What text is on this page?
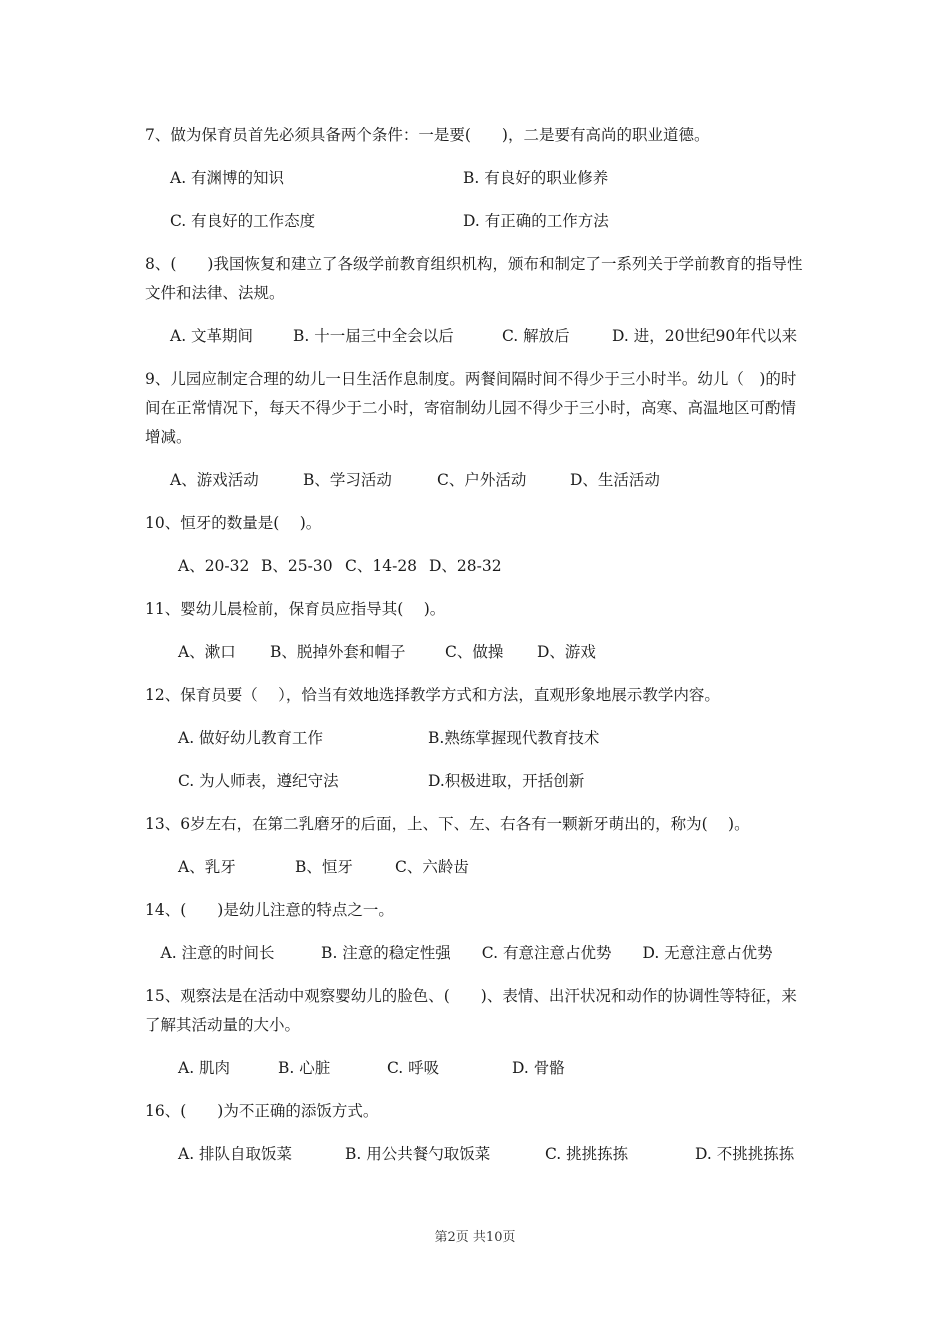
7、做为保育员首先必须具备两个条件：一是要(　　)，二是要有高尚的职业道德。

A. 有渊博的知识	B. 有良好的职业修养
C. 有良好的工作态度	D. 有正确的工作方法

8、(　　)我国恢复和建立了各级学前教育组织机构，颁布和制定了一系列关于学前教育的指导性文件和法律、法规。

A. 文革期间	B. 十一届三中全会以后	C. 解放后	D. 进，20世纪90年代以来

9、儿园应制定合理的幼儿一日生活作息制度。两餐间隔时间不得少于三小时半。幼儿（　)的时间在正常情况下，每天不得少于二小时，寄宿制幼儿园不得少于三小时，高寒、高温地区可酌情增减。

A、游戏活动	B、学习活动	C、户外活动	D、生活活动

10、恒牙的数量是(　 )。

A、20-32 B、25-30 C、14-28 D、28-32

11、婴幼儿晨检前，保育员应指导其(　 )。

A、漱口 B、脱掉外套和帽子	C、做操 D、游戏

12、保育员要（　 ），恰当有效地选择教学方式和方法，直观形象地展示教学内容。

A. 做好幼儿教育工作	B.熟练掌握现代教育技术
C. 为人师表，遵纪守法	D.积极进取，开括创新

13、6岁左右，在第二乳磨牙的后面，上、下、左、右各有一颗新牙萌出的，称为(　 )。

A、乳牙	B、恒牙	C、六龄齿

14、(　　)是幼儿注意的特点之一。

　A. 注意的时间长　　　B. 注意的稳定性强　　C. 有意注意占优势　　D. 无意注意占优势

15、观察法是在活动中观察婴幼儿的脸色、(　　)、表情、出汗状况和动作的协调性等特征，来了解其活动量的大小。

A. 肌肉	B. 心脏	C. 呼吸	D. 骨骼

16、(　　)为不正确的添饭方式。

A. 排队自取饭菜	B. 用公共餐勺取饭菜	C. 挑挑拣拣	D. 不挑挑拣拣
第2页 共10页
